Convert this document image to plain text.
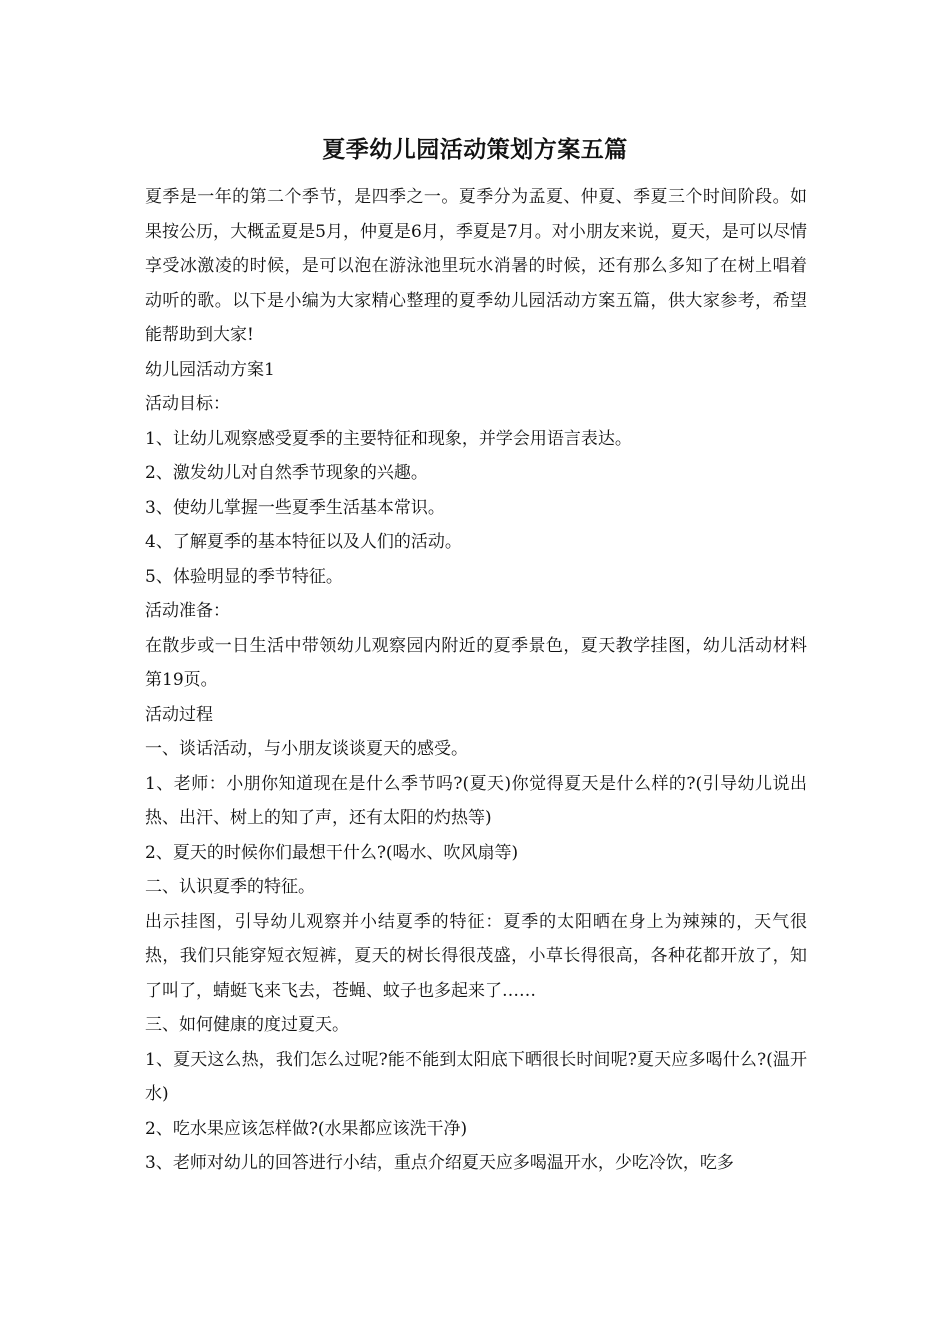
夏季幼儿园活动策划方案五篇

夏季是一年的第二个季节，是四季之一。夏季分为孟夏、仲夏、季夏三个时间阶段。如果按公历，大概孟夏是5月，仲夏是6月，季夏是7月。对小朋友来说，夏天，是可以尽情享受冰激凌的时候，是可以泡在游泳池里玩水消暑的时候，还有那么多知了在树上唱着动听的歌。以下是小编为大家精心整理的夏季幼儿园活动方案五篇，供大家参考，希望能帮助到大家!

幼儿园活动方案1

活动目标：

1、让幼儿观察感受夏季的主要特征和现象，并学会用语言表达。

2、激发幼儿对自然季节现象的兴趣。

3、使幼儿掌握一些夏季生活基本常识。

4、了解夏季的基本特征以及人们的活动。

5、体验明显的季节特征。

活动准备：

在散步或一日生活中带领幼儿观察园内附近的夏季景色，夏天教学挂图，幼儿活动材料第19页。

活动过程

一、谈话活动，与小朋友谈谈夏天的感受。

1、老师：小朋你知道现在是什么季节吗?(夏天)你觉得夏天是什么样的?(引导幼儿说出热、出汗、树上的知了声，还有太阳的灼热等)

2、夏天的时候你们最想干什么?(喝水、吹风扇等)

二、认识夏季的特征。

出示挂图，引导幼儿观察并小结夏季的特征：夏季的太阳晒在身上为辣辣的，天气很热，我们只能穿短衣短裤，夏天的树长得很茂盛，小草长得很高，各种花都开放了，知了叫了，蜻蜓飞来飞去，苍蝇、蚊子也多起来了……

三、如何健康的度过夏天。

1、夏天这么热，我们怎么过呢?能不能到太阳底下晒很长时间呢?夏天应多喝什么?(温开水)

2、吃水果应该怎样做?(水果都应该洗干净)

3、老师对幼儿的回答进行小结，重点介绍夏天应多喝温开水，少吃冷饮，吃多
